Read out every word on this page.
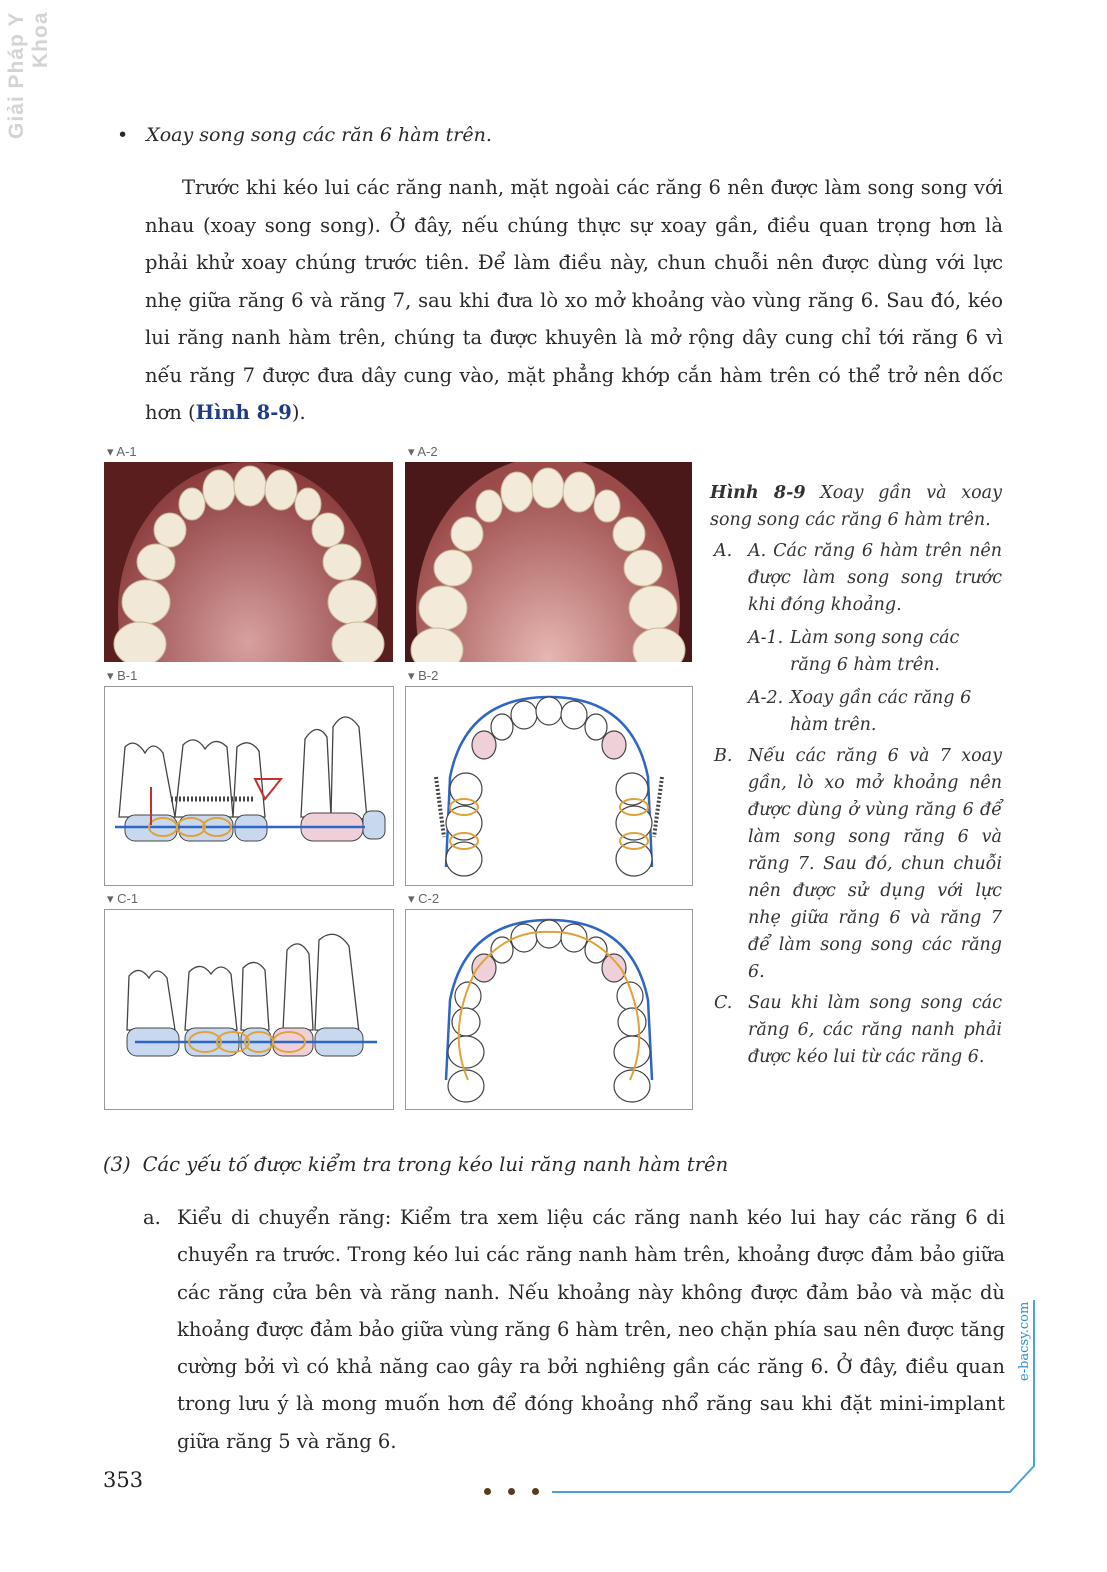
Giải Pháp Y Khoa
• Xoay song song các răn 6 hàm trên.

Trước khi kéo lui các răng nanh, mặt ngoài các răng 6 nên được làm song song với nhau (xoay song song). Ở đây, nếu chúng thực sự xoay gần, điều quan trọng hơn là phải khử xoay chúng trước tiên. Để làm điều này, chun chuỗi nên được dùng với lực nhẹ giữa răng 6 và răng 7, sau khi đưa lò xo mở khoảng vào vùng răng 6. Sau đó, kéo lui răng nanh hàm trên, chúng ta được khuyên là mở rộng dây cung chỉ tới răng 6 vì nếu răng 7 được đưa dây cung vào, mặt phẳng khớp cắn hàm trên có thể trở nên dốc hơn (Hình 8-9).

▾ A-1	▾ A-2
▾ B-1	▾ B-2
▾ C-1	▾ C-2

Hình 8-9 Xoay gần và xoay song song các răng 6 hàm trên.

A. A. Các răng 6 hàm trên nên được làm song song trước khi đóng khoảng.

A-1. Làm song song các răng 6 hàm trên.

A-2. Xoay gần các răng 6 hàm trên.

B. Nếu các răng 6 và 7 xoay gần, lò xo mở khoảng nên được dùng ở vùng răng 6 để làm song song răng 6 và răng 7. Sau đó, chun chuỗi nên được sử dụng với lực nhẹ giữa răng 6 và răng 7 để làm song song các răng 6.

C. Sau khi làm song song các răng 6, các răng nanh phải được kéo lui từ các răng 6.

(3) Các yếu tố được kiểm tra trong kéo lui răng nanh hàm trên
a. Kiểu di chuyển răng: Kiểm tra xem liệu các răng nanh kéo lui hay các răng 6 di chuyển ra trước. Trong kéo lui các răng nanh hàm trên, khoảng được đảm bảo giữa các răng cửa bên và răng nanh. Nếu khoảng này không được đảm bảo và mặc dù khoảng được đảm bảo giữa vùng răng 6 hàm trên, neo chặn phía sau nên được tăng cường bởi vì có khả năng cao gây ra bởi nghiêng gần các răng 6. Ở đây, điều quan trong lưu ý là mong muốn hơn để đóng khoảng nhổ răng sau khi đặt mini-implant giữa răng 5 và răng 6.

e-bacsy.com
353
